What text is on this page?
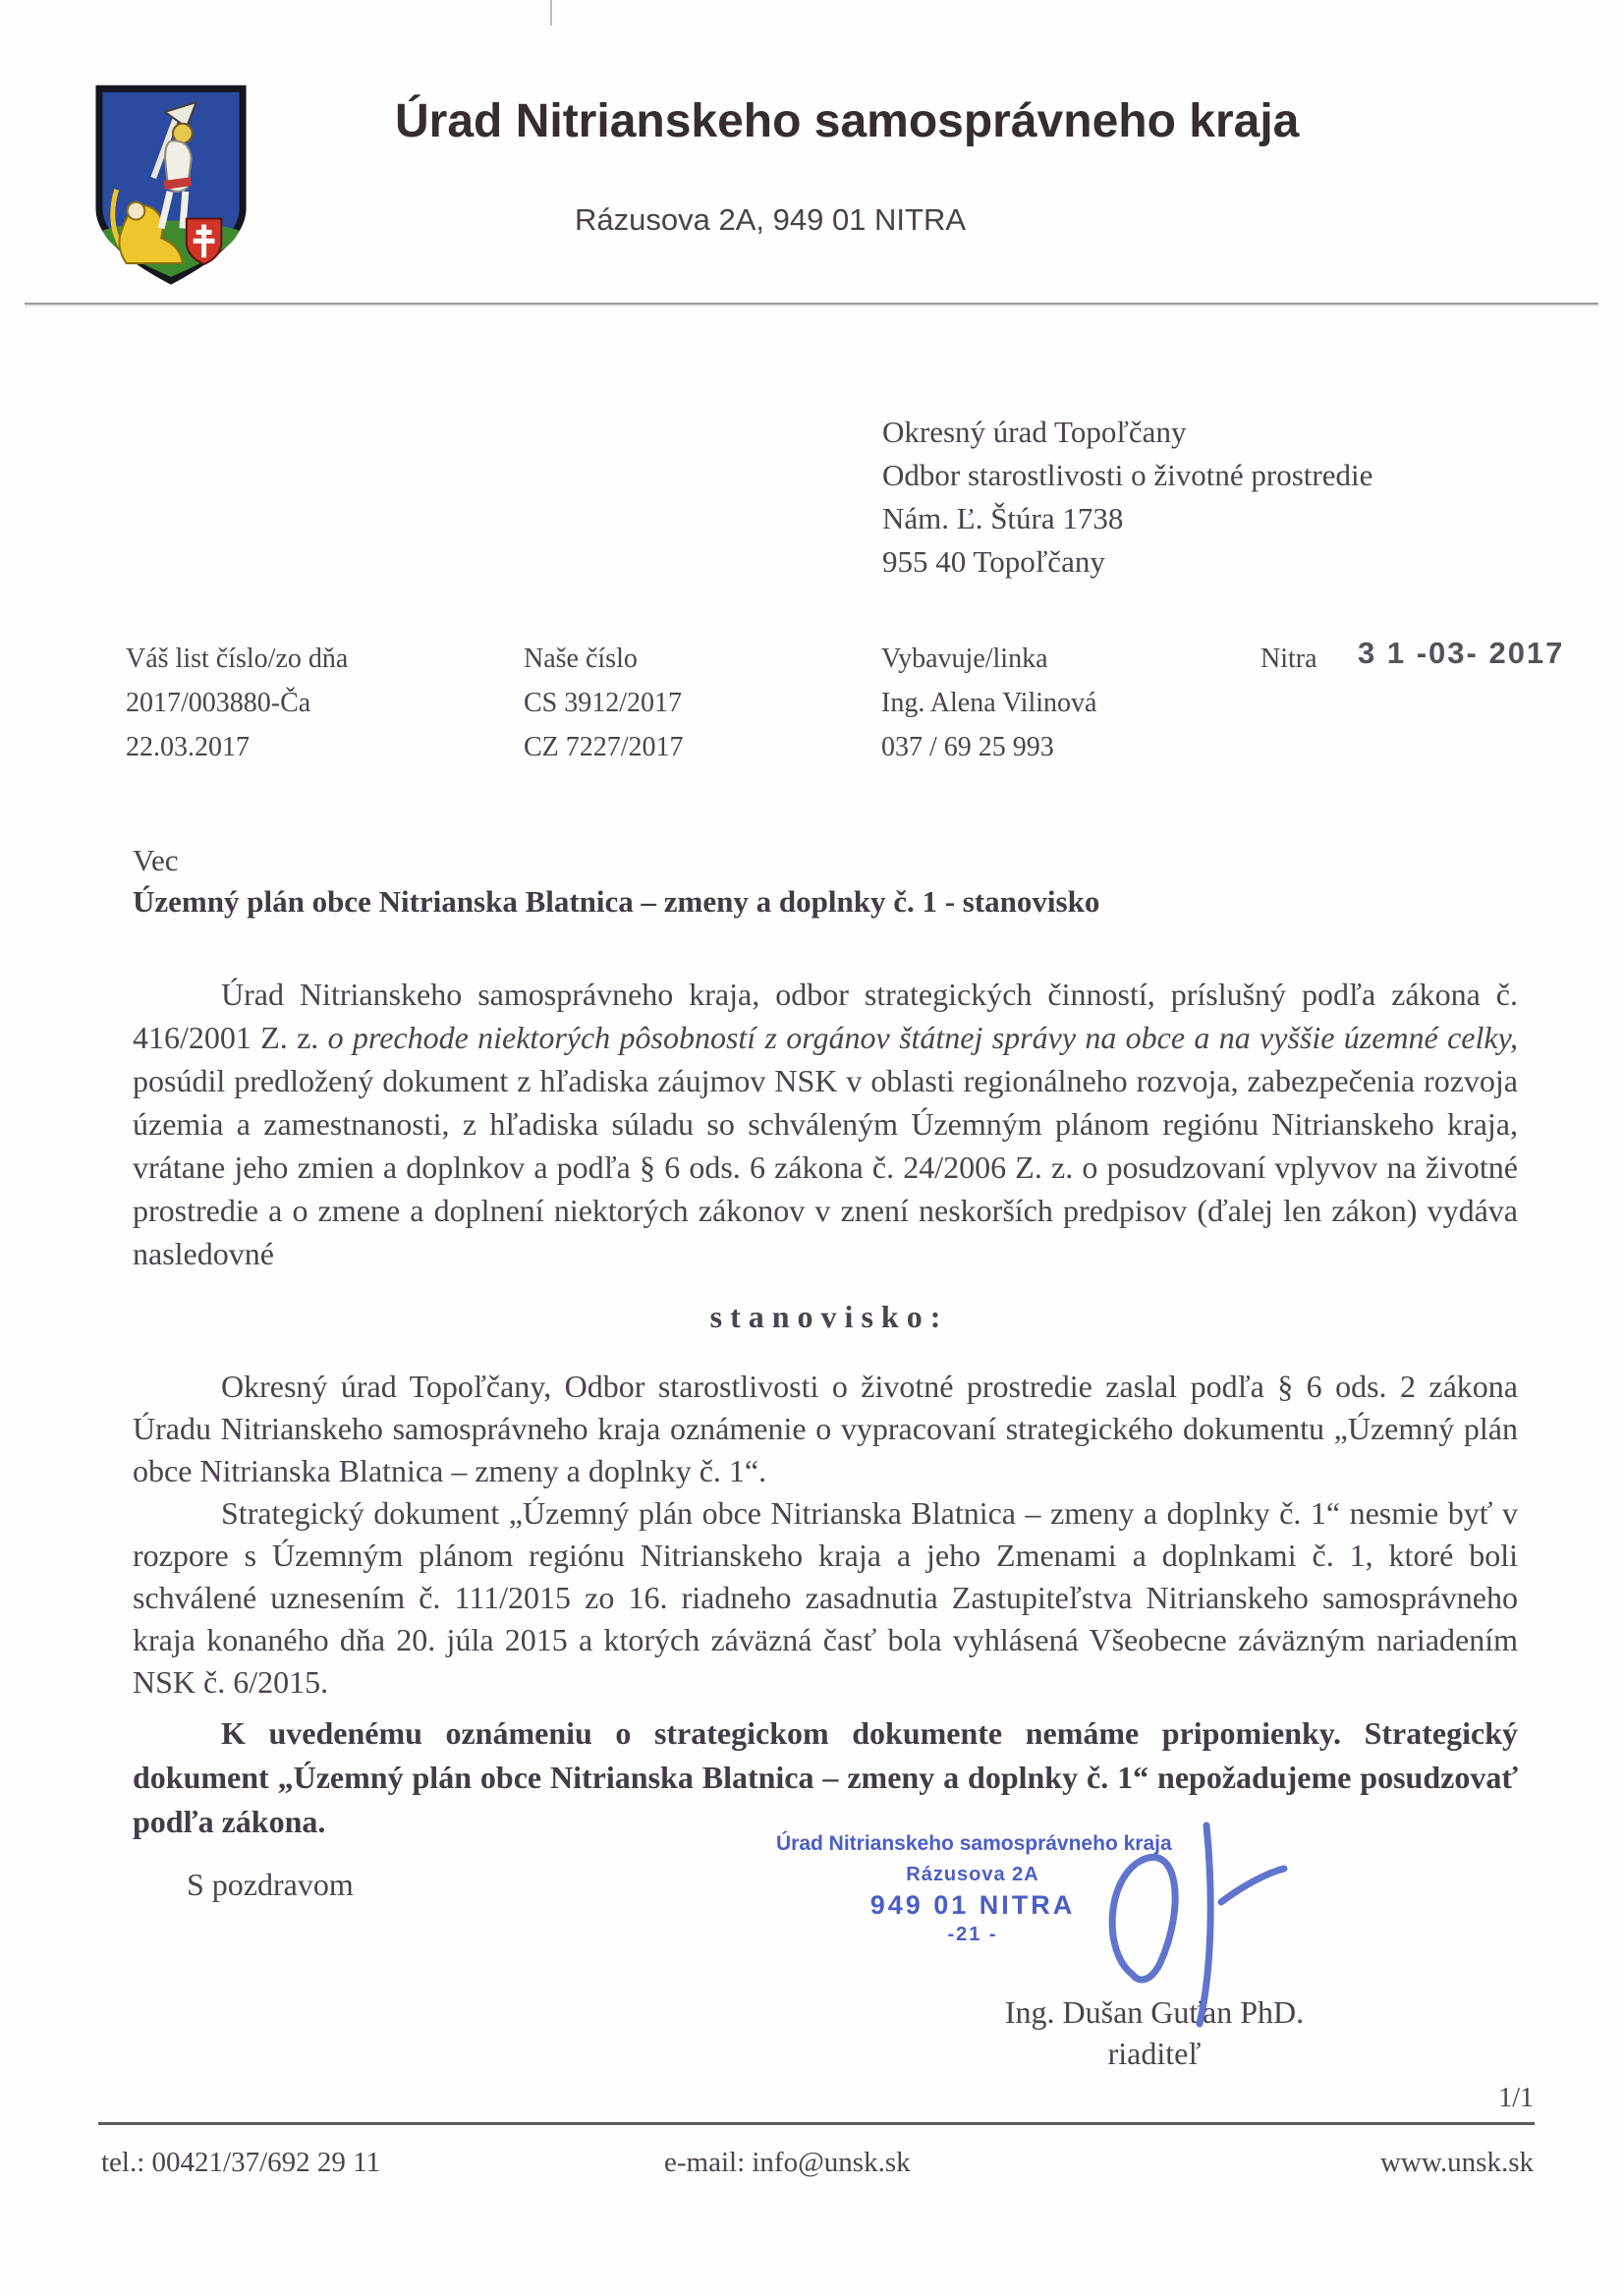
Úrad Nitrianskeho samosprávneho kraja
Rázusova 2A, 949 01 NITRA
Okresný úrad Topoľčany
Odbor starostlivosti o životné prostredie
Nám. Ľ. Štúra 1738
955 40 Topoľčany
Váš list číslo/zo dňa
2017/003880-Ča
22.03.2017
Naše číslo
CS 3912/2017
CZ 7227/2017
Vybavuje/linka
Ing. Alena Vilinová
037 / 69 25 993
Nitra 3 1 -03- 2017
Vec
Územný plán obce Nitrianska Blatnica – zmeny a doplnky č. 1 - stanovisko

Úrad Nitrianskeho samosprávneho kraja, odbor strategických činností, príslušný podľa zákona č. 416/2001 Z. z. o prechode niektorých pôsobností z orgánov štátnej správy na obce a na vyššie územné celky, posúdil predložený dokument z hľadiska záujmov NSK v oblasti regionálneho rozvoja, zabezpečenia rozvoja územia a zamestnanosti, z hľadiska súladu so schváleným Územným plánom regiónu Nitrianskeho kraja, vrátane jeho zmien a doplnkov a podľa § 6 ods. 6 zákona č. 24/2006 Z. z. o posudzovaní vplyvov na životné prostredie a o zmene a doplnení niektorých zákonov v znení neskorších predpisov (ďalej len zákon) vydáva nasledovné

s t a n o v i s k o :

Okresný úrad Topoľčany, Odbor starostlivosti o životné prostredie zaslal podľa § 6 ods. 2 zákona Úradu Nitrianskeho samosprávneho kraja oznámenie o vypracovaní strategického dokumentu „Územný plán obce Nitrianska Blatnica – zmeny a doplnky č. 1“.

Strategický dokument „Územný plán obce Nitrianska Blatnica – zmeny a doplnky č. 1“ nesmie byť v rozpore s Územným plánom regiónu Nitrianskeho kraja a jeho Zmenami a doplnkami č. 1, ktoré boli schválené uznesením č. 111/2015 zo 16. riadneho zasadnutia Zastupiteľstva Nitrianskeho samosprávneho kraja konaného dňa 20. júla 2015 a ktorých záväzná časť bola vyhlásená Všeobecne záväzným nariadením NSK č. 6/2015.

K uvedenému oznámeniu o strategickom dokumente nemáme pripomienky. Strategický dokument „Územný plán obce Nitrianska Blatnica – zmeny a doplnky č. 1“ nepožadujeme posudzovať podľa zákona.

S pozdravom
Úrad Nitrianskeho samosprávneho kraja
Rázusova 2A
949 01 NITRA
-21 -
Ing. Dušan Guťan PhD.
riaditeľ
1/1
tel.: 00421/37/692 29 11	e-mail: info@unsk.sk	www.unsk.sk
